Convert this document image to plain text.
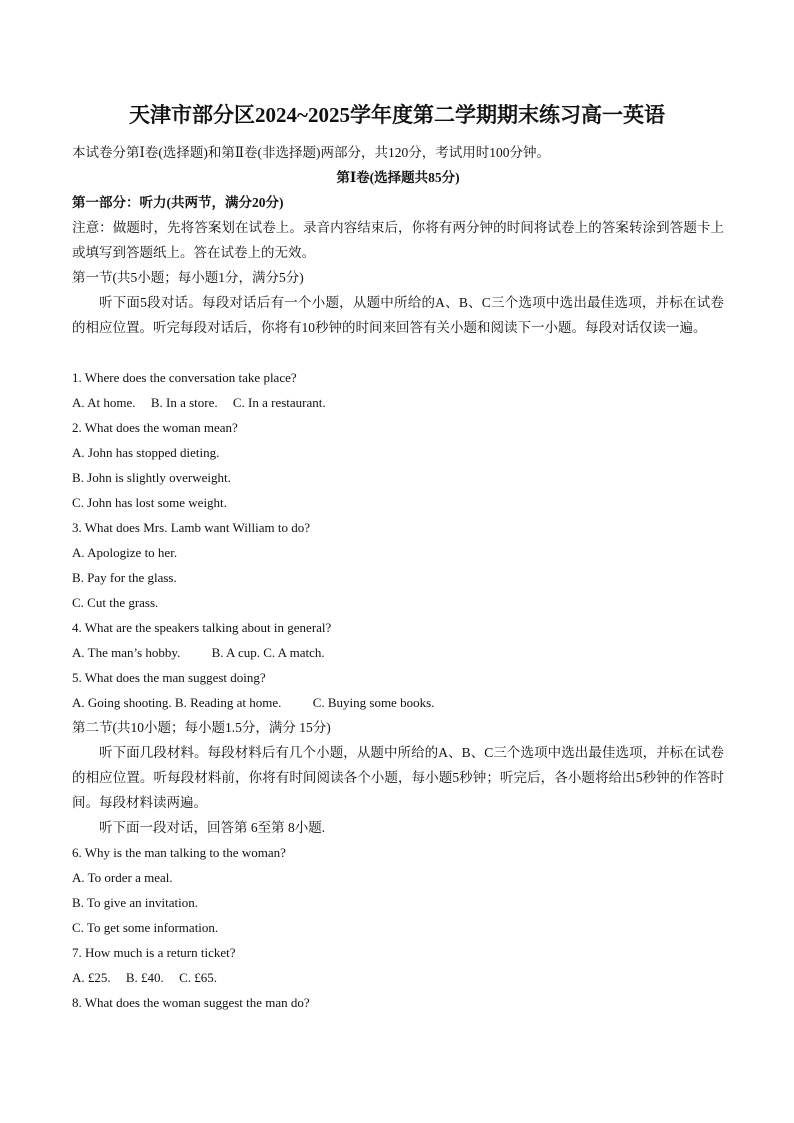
天津市部分区2024~2025学年度第二学期期末练习高一英语
本试卷分第Ⅰ卷(选择题)和第Ⅱ卷(非选择题)两部分，共120分，考试用时100分钟。
第Ⅰ卷(选择题共85分)
第一部分：听力(共两节，满分20分)
注意：做题时，先将答案划在试卷上。录音内容结束后，你将有两分钟的时间将试卷上的答案转涂到答题卡上或填写到答题纸上。答在试卷上的无效。
第一节(共5小题；每小题1分，满分5分)
听下面5段对话。每段对话后有一个小题，从题中所给的A、B、C三个选项中选出最佳选项，并标在试卷的相应位置。听完每段对话后，你将有10秒钟的时间来回答有关小题和阅读下一小题。每段对话仅读一遍。
1. Where does the conversation take place?
A. At home. B. In a store. C. In a restaurant.
2. What does the woman mean?
A. John has stopped dieting.
B. John is slightly overweight.
C. John has lost some weight.
3. What does Mrs. Lamb want William to do?
A. Apologize to her.
B. Pay for the glass.
C. Cut the grass.
4. What are the speakers talking about in general?
A. The man’s hobby. B. A cup. C. A match.
5. What does the man suggest doing?
A. Going shooting. B. Reading at home. C. Buying some books.
第二节(共10小题；每小题1.5分，满分 15分)
听下面几段材料。每段材料后有几个小题，从题中所给的A、B、C三个选项中选出最佳选项，并标在试卷的相应位置。听每段材料前，你将有时间阅读各个小题，每小题5秒钟；听完后，各小题将给出5秒钟的作答时间。每段材料读两遍。
听下面一段对话，回答第 6至第 8小题.
6. Why is the man talking to the woman?
A. To order a meal.
B. To give an invitation.
C. To get some information.
7. How much is a return ticket?
A. £25. B. £40. C. £65.
8. What does the woman suggest the man do?
